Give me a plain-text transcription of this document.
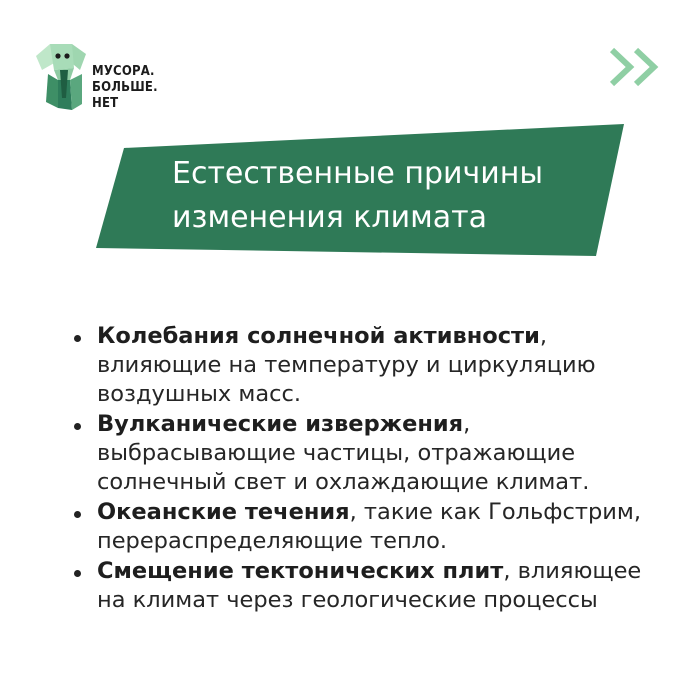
МУСОРА.
БОЛЬШЕ.
НЕТ
Естественные причины
изменения климата
Колебания солнечной активности, влияющие на температуру и циркуляцию воздушных масс.
Вулканические извержения, выбрасывающие частицы, отражающие солнечный свет и охлаждающие климат.
Океанские течения, такие как Гольфстрим, перераспределяющие тепло.
Смещение тектонических плит, влияющее на климат через геологические процессы
